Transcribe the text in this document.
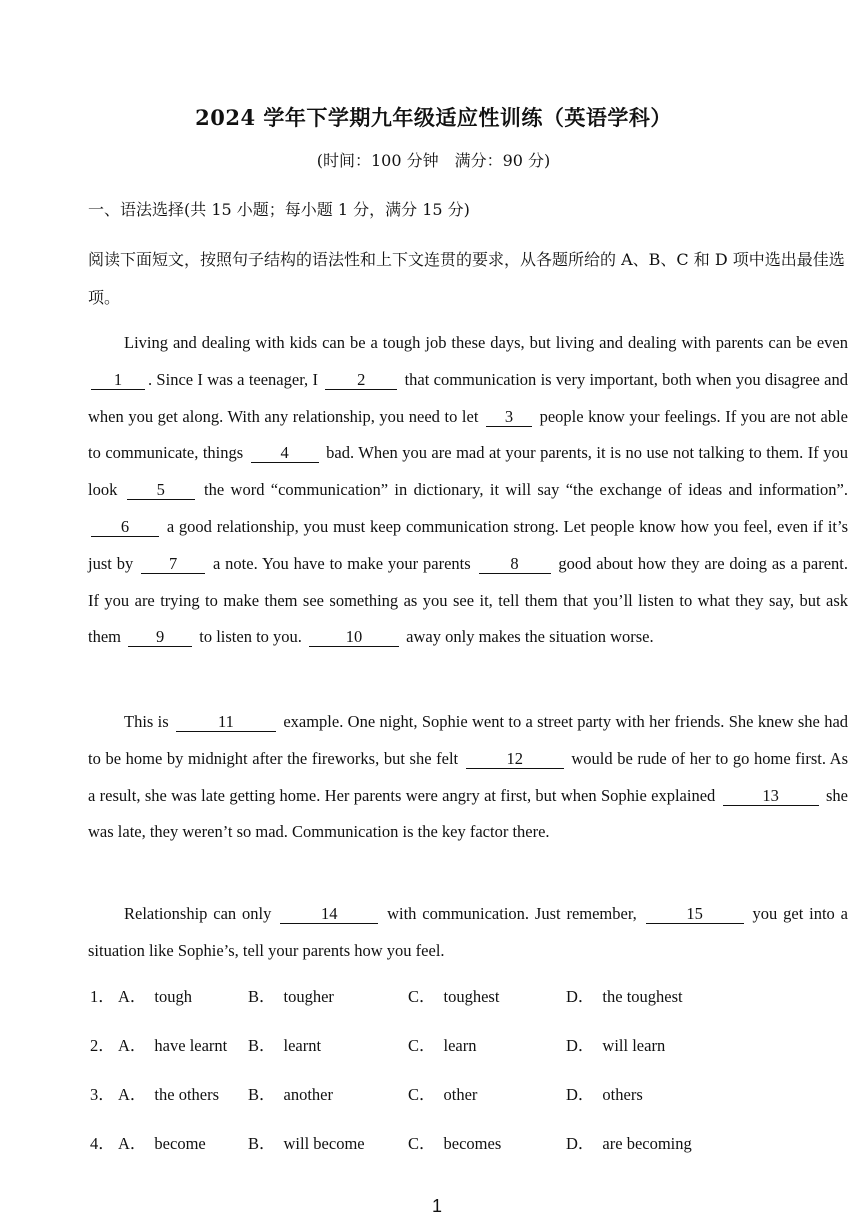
2024 学年下学期九年级适应性训练（英语学科）
(时间：100 分钟　满分：90 分)
一、语法选择(共 15 小题；每小题 1 分，满分 15 分)
阅读下面短文，按照句子结构的语法性和上下文连贯的要求，从各题所给的 A、B、C 和 D 项中选出最佳选项。
Living and dealing with kids can be a tough job these days, but living and dealing with parents can be even 1 . Since I was a teenager, I 2 that communication is very important, both when you disagree and when you get along. With any relationship, you need to let 3 people know your feelings. If you are not able to communicate, things 4 bad. When you are mad at your parents, it is no use not talking to them. If you look 5 the word “communication” in dictionary, it will say “the exchange of ideas and information”. 6 a good relationship, you must keep communication strong. Let people know how you feel, even if it’s just by 7 a note. You have to make your parents 8 good about how they are doing as a parent. If you are trying to make them see something as you see it, tell them that you’ll listen to what they say, but ask them 9 to listen to you.	10	away only makes the situation worse.
This is	11	example. One night, Sophie went to a street party with her friends. She knew she had to be home by midnight after the fireworks, but she felt	12	would be rude of her to go home first. As a result, she was late getting home. Her parents were angry at first, but when Sophie explained	13	she was late, they weren’t so mad. Communication is the key factor there.
Relationship can only	14	with communication. Just remember,	15	you get into a situation like Sophie’s, tell your parents how you feel.
1． A． tough	B． tougher	C． toughest	D． the toughest
2． A． have learnt B． learnt	C． learn	D． will learn
3． A． the others B． another	C． other	D． others
4． A． become	B． will become	C． becomes	D． are becoming
1
